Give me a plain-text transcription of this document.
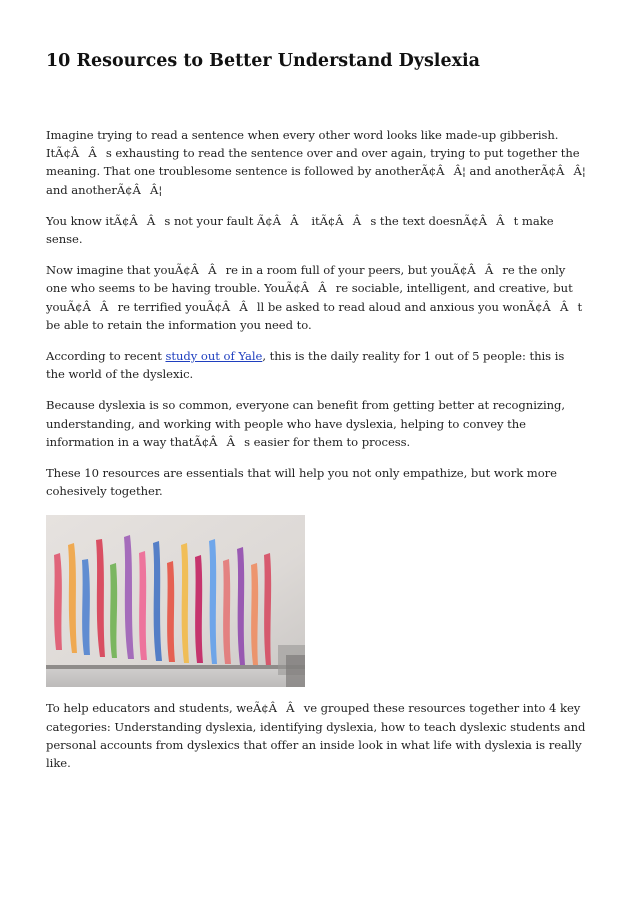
10 Resources to Better Understand Dyslexia

Imagine trying to read a sentence when every other word looks like made-up gibberish. ItÃ¢ÂÂs exhausting to read the sentence over and over again, trying to put together the meaning. That one troublesome sentence is followed by anotherÃ¢ÂÂ¦ and anotherÃ¢ÂÂ¦ and anotherÃ¢ÂÂ¦

You know itÃ¢ÂÂs not your fault Ã¢ÂÂ itÃ¢ÂÂs the text doesnÃ¢ÂÂt make sense.

Now imagine that youÃ¢ÂÂre in a room full of your peers, but youÃ¢ÂÂre the only one who seems to be having trouble. YouÃ¢ÂÂre sociable, intelligent, and creative, but youÃ¢ÂÂre terrified youÃ¢ÂÂll be asked to read aloud and anxious you wonÃ¢ÂÂt be able to retain the information you need to.

According to recent study out of Yale, this is the daily reality for 1 out of 5 people: this is the world of the dyslexic.

Because dyslexia is so common, everyone can benefit from getting better at recognizing, understanding, and working with people who have dyslexia, helping to convey the information in a way thatÃ¢ÂÂs easier for them to process.

These 10 resources are essentials that will help you not only empathize, but work more cohesively together.

To help educators and students, weÃ¢ÂÂve grouped these resources together into 4 key categories: Understanding dyslexia, identifying dyslexia, how to teach dyslexic students and personal accounts from dyslexics that offer an inside look in what life with dyslexia is really like.
